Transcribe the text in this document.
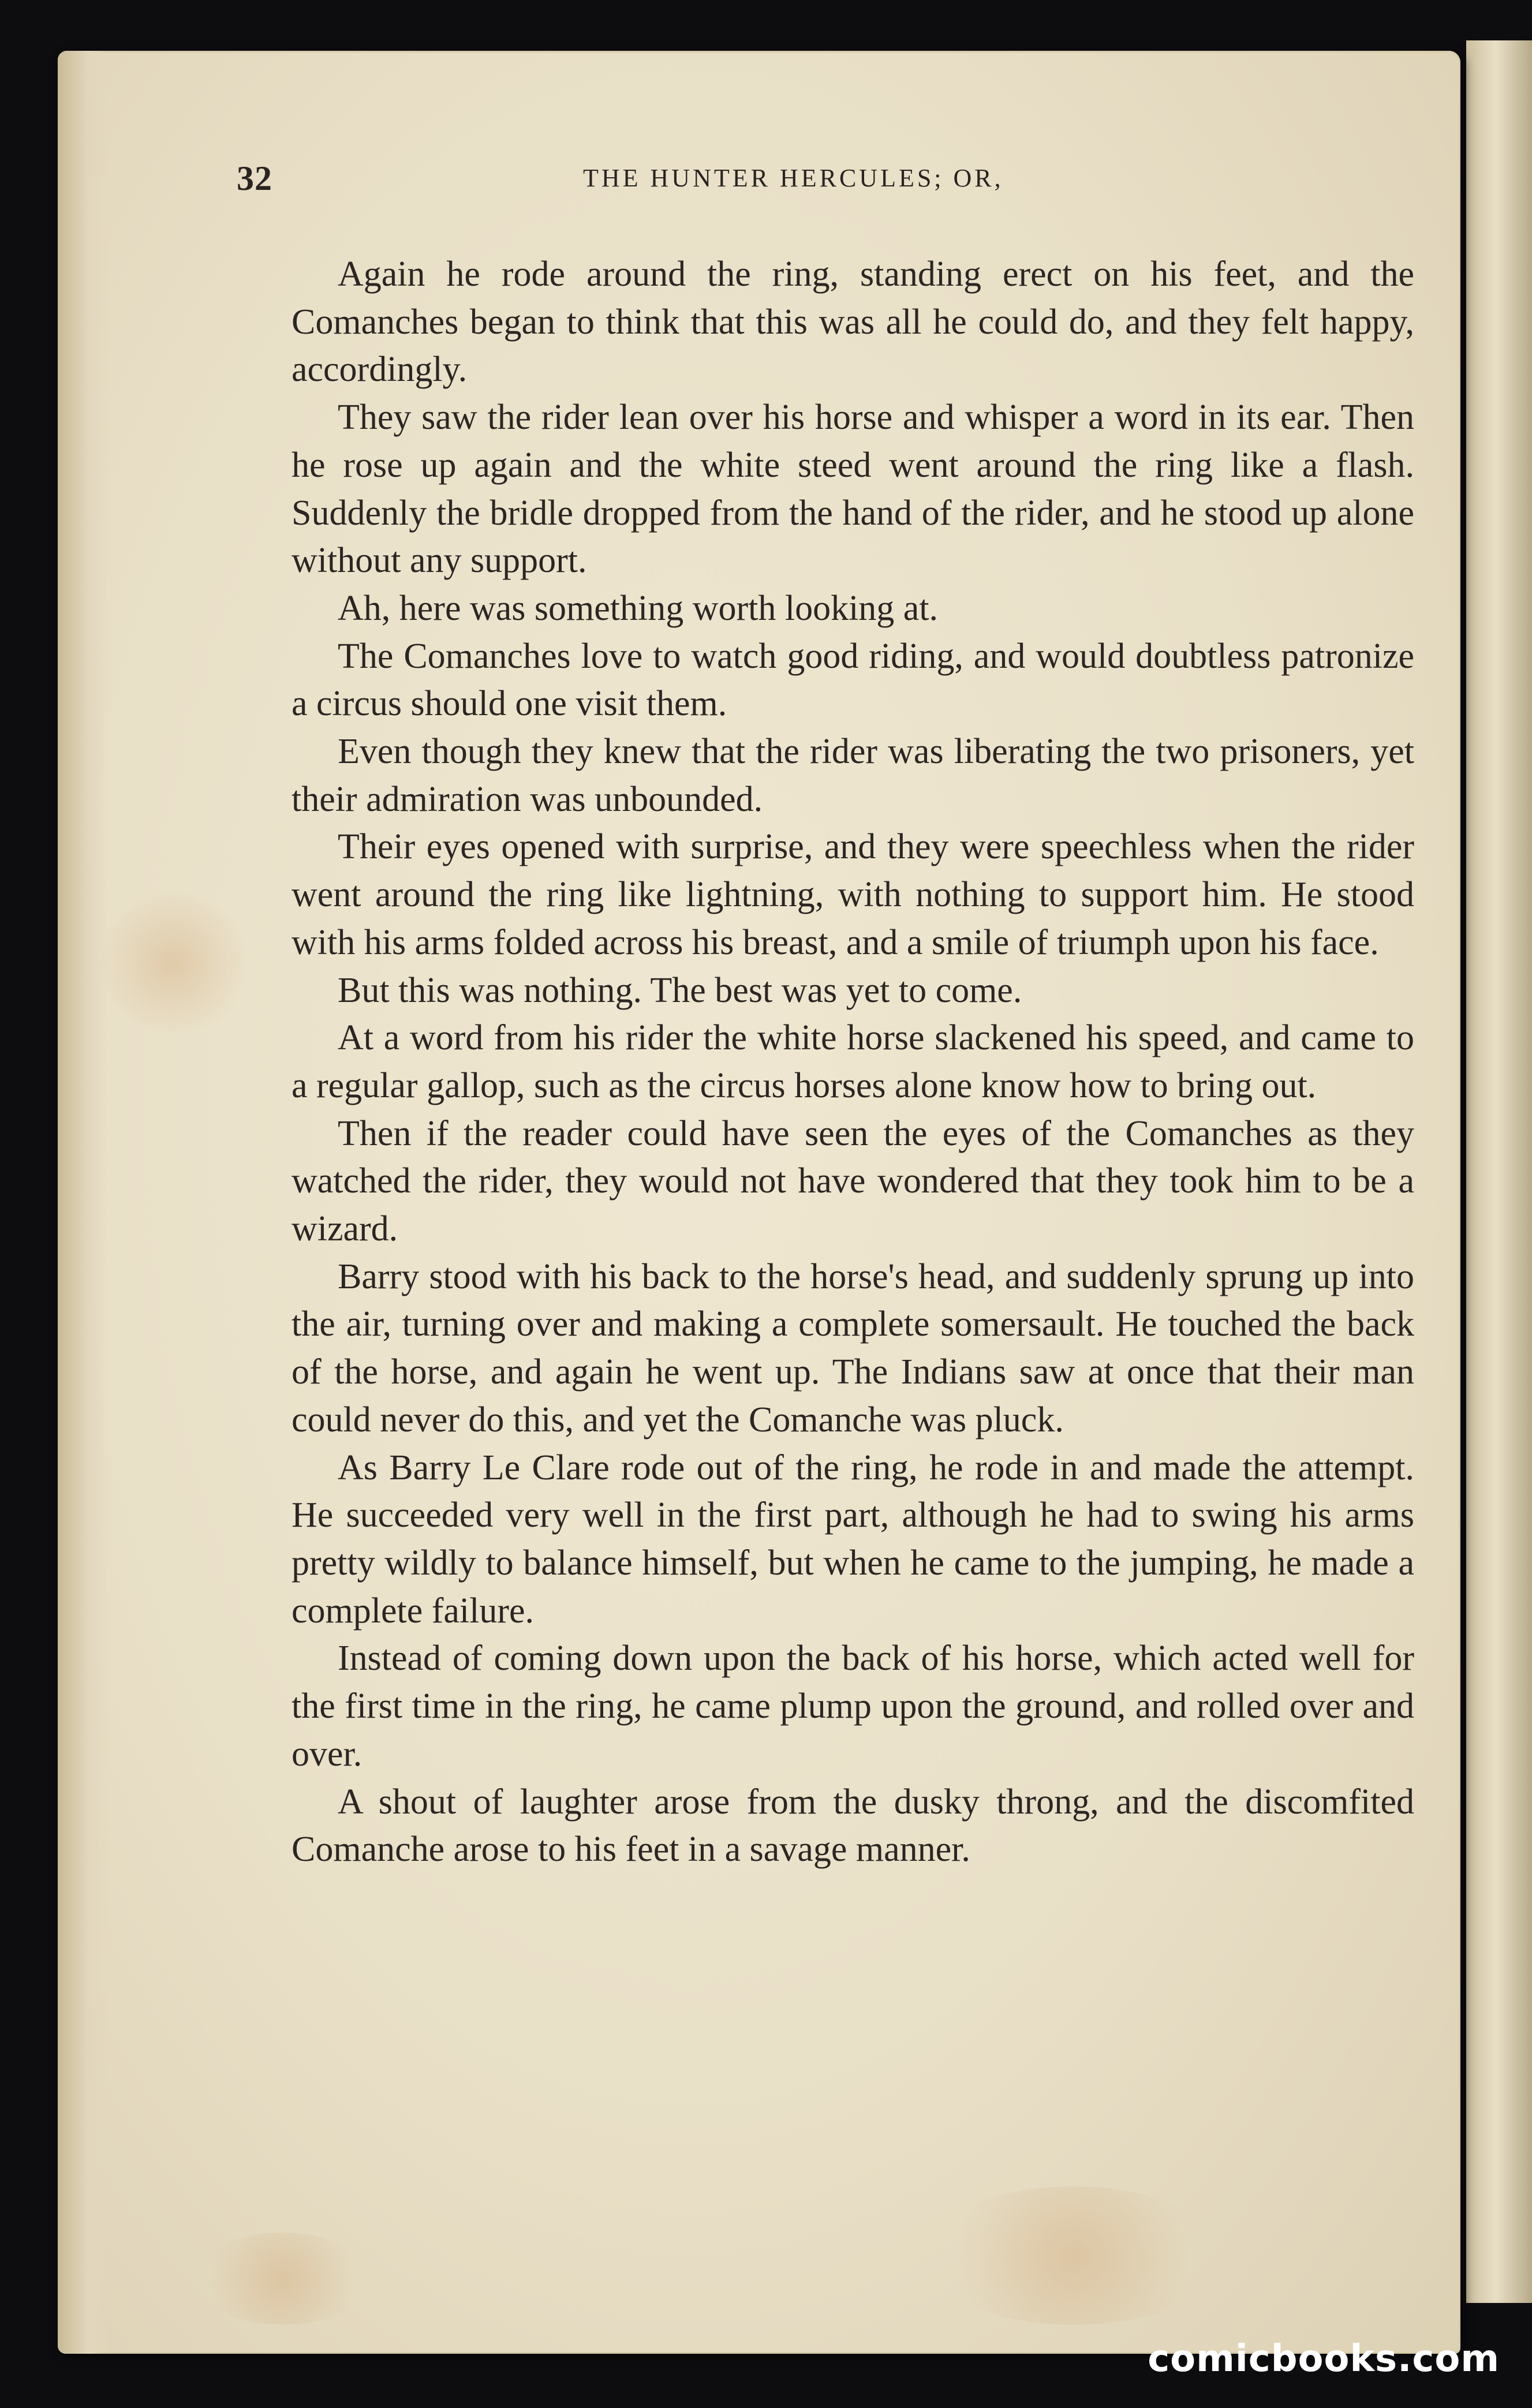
32	THE HUNTER HERCULES; OR,

Again he rode around the ring, standing erect on his feet, and the Comanches began to think that this was all he could do, and they felt happy, accordingly.

They saw the rider lean over his horse and whisper a word in its ear. Then he rose up again and the white steed went around the ring like a flash. Suddenly the bridle dropped from the hand of the rider, and he stood up alone without any support.

Ah, here was something worth looking at.

The Comanches love to watch good riding, and would doubtless patronize a circus should one visit them.

Even though they knew that the rider was liberating the two prisoners, yet their admiration was unbounded.

Their eyes opened with surprise, and they were speechless when the rider went around the ring like lightning, with nothing to support him. He stood with his arms folded across his breast, and a smile of triumph upon his face.

But this was nothing. The best was yet to come.

At a word from his rider the white horse slackened his speed, and came to a regular gallop, such as the circus horses alone know how to bring out.

Then if the reader could have seen the eyes of the Comanches as they watched the rider, they would not have wondered that they took him to be a wizard.

Barry stood with his back to the horse's head, and suddenly sprung up into the air, turning over and making a complete somersault. He touched the back of the horse, and again he went up. The Indians saw at once that their man could never do this, and yet the Comanche was pluck.

As Barry Le Clare rode out of the ring, he rode in and made the attempt. He succeeded very well in the first part, although he had to swing his arms pretty wildly to balance himself, but when he came to the jumping, he made a complete failure.

Instead of coming down upon the back of his horse, which acted well for the first time in the ring, he came plump upon the ground, and rolled over and over.

A shout of laughter arose from the dusky throng, and the discomfited Comanche arose to his feet in a savage manner.

comicbooks.com
